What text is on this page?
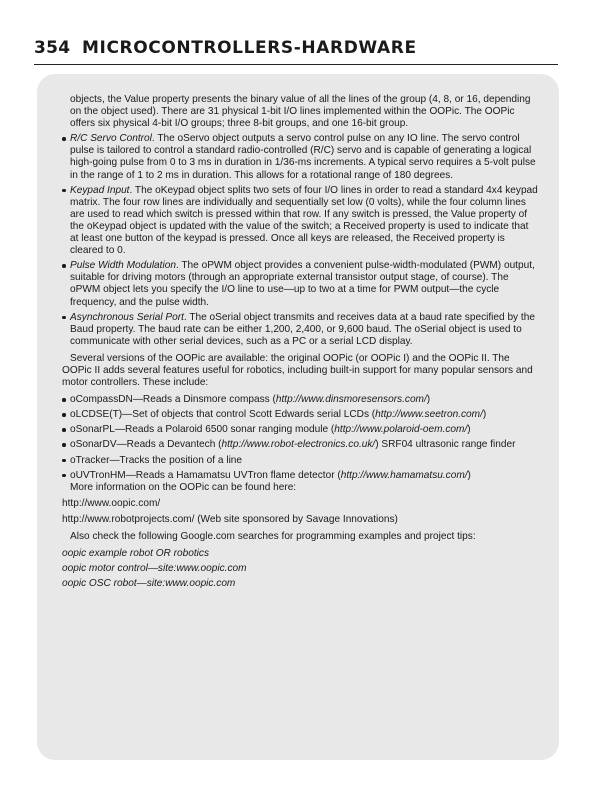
354 MICROCONTROLLERS-HARDWARE

objects, the Value property presents the binary value of all the lines of the group (4, 8, or 16, depending on the object used). There are 31 physical 1-bit I/O lines implemented within the OOPic. The OOPic offers six physical 4-bit I/O groups; three 8-bit groups, and one 16-bit group.

R/C Servo Control. The oServo object outputs a servo control pulse on any IO line. The servo control pulse is tailored to control a standard radio-controlled (R/C) servo and is capable of generating a logical high-going pulse from 0 to 3 ms in duration in 1/36-ms increments. A typical servo requires a 5-volt pulse in the range of 1 to 2 ms in duration. This allows for a rotational range of 180 degrees.
Keypad Input. The oKeypad object splits two sets of four I/O lines in order to read a standard 4x4 keypad matrix. The four row lines are individually and sequentially set low (0 volts), while the four column lines are used to read which switch is pressed within that row. If any switch is pressed, the Value property of the oKeypad object is updated with the value of the switch; a Received property is used to indicate that at least one button of the keypad is pressed. Once all keys are released, the Received property is cleared to 0.
Pulse Width Modulation. The oPWM object provides a convenient pulse-width-modulated (PWM) output, suitable for driving motors (through an appropriate external transistor output stage, of course). The oPWM object lets you specify the I/O line to use—up to two at a time for PWM output—the cycle frequency, and the pulse width.
Asynchronous Serial Port. The oSerial object transmits and receives data at a baud rate specified by the Baud property. The baud rate can be either 1,200, 2,400, or 9,600 baud. The oSerial object is used to communicate with other serial devices, such as a PC or a serial LCD display.

Several versions of the OOPic are available: the original OOPic (or OOPic I) and the OOPic II. The OOPic II adds several features useful for robotics, including built-in support for many popular sensors and motor controllers. These include:

oCompassDN—Reads a Dinsmore compass (http://www.dinsmoresensors.com/)
oLCDSE(T)—Set of objects that control Scott Edwards serial LCDs (http://www.seetron.com/)
oSonarPL—Reads a Polaroid 6500 sonar ranging module (http://www.polaroid-oem.com/)
oSonarDV—Reads a Devantech (http://www.robot-electronics.co.uk/) SRF04 ultrasonic range finder
oTracker—Tracks the position of a line
oUVTronHM—Reads a Hamamatsu UVTron flame detector (http://www.hamamatsu.com/)
More information on the OOPic can be found here:

http://www.oopic.com/

http://www.robotprojects.com/ (Web site sponsored by Savage Innovations)

Also check the following Google.com searches for programming examples and project tips:

oopic example robot OR robotics

oopic motor control—site:www.oopic.com

oopic OSC robot—site:www.oopic.com
